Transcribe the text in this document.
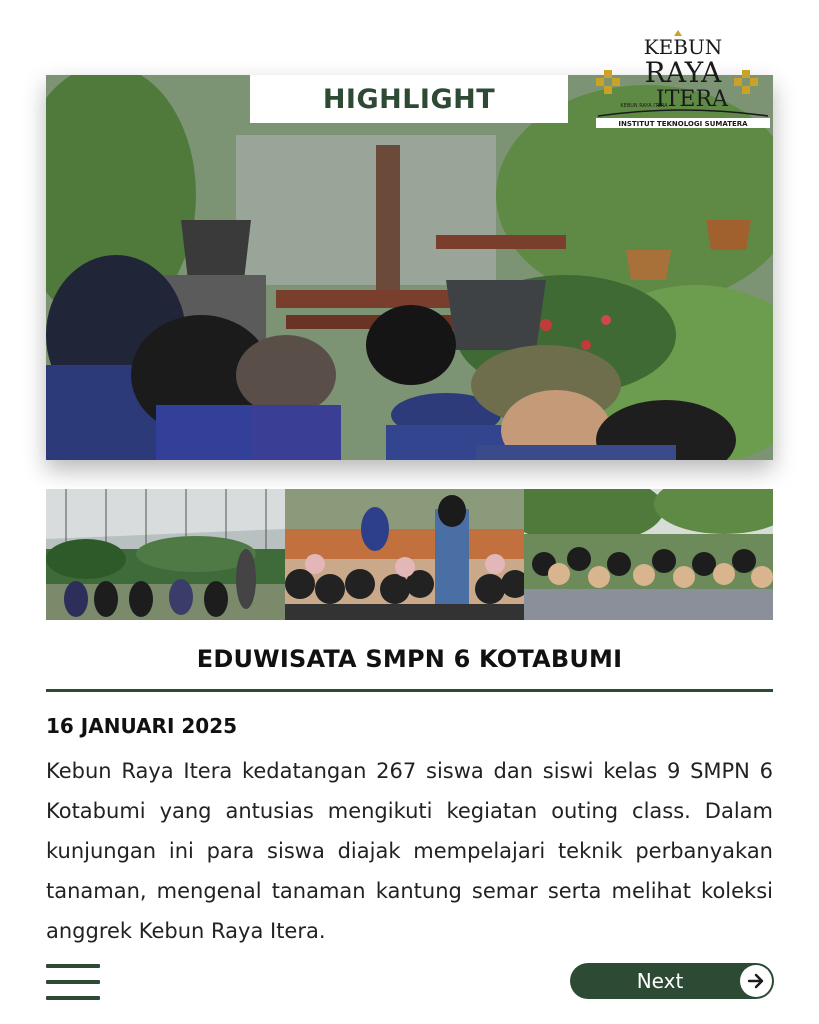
HIGHLIGHT
KEBUN
RAYA
ITERA
KEBUN RAYA ITERA
INSTITUT TEKNOLOGI SUMATERA
EDUWISATA SMPN 6 KOTABUMI
16 JANUARI 2025
Kebun Raya Itera kedatangan 267 siswa dan siswi kelas 9 SMPN 6 Kotabumi yang antusias mengikuti kegiatan outing class. Dalam kunjungan ini para siswa diajak mempelajari teknik perbanyakan tanaman, mengenal tanaman kantung semar serta melihat koleksi anggrek Kebun Raya Itera.
Next
